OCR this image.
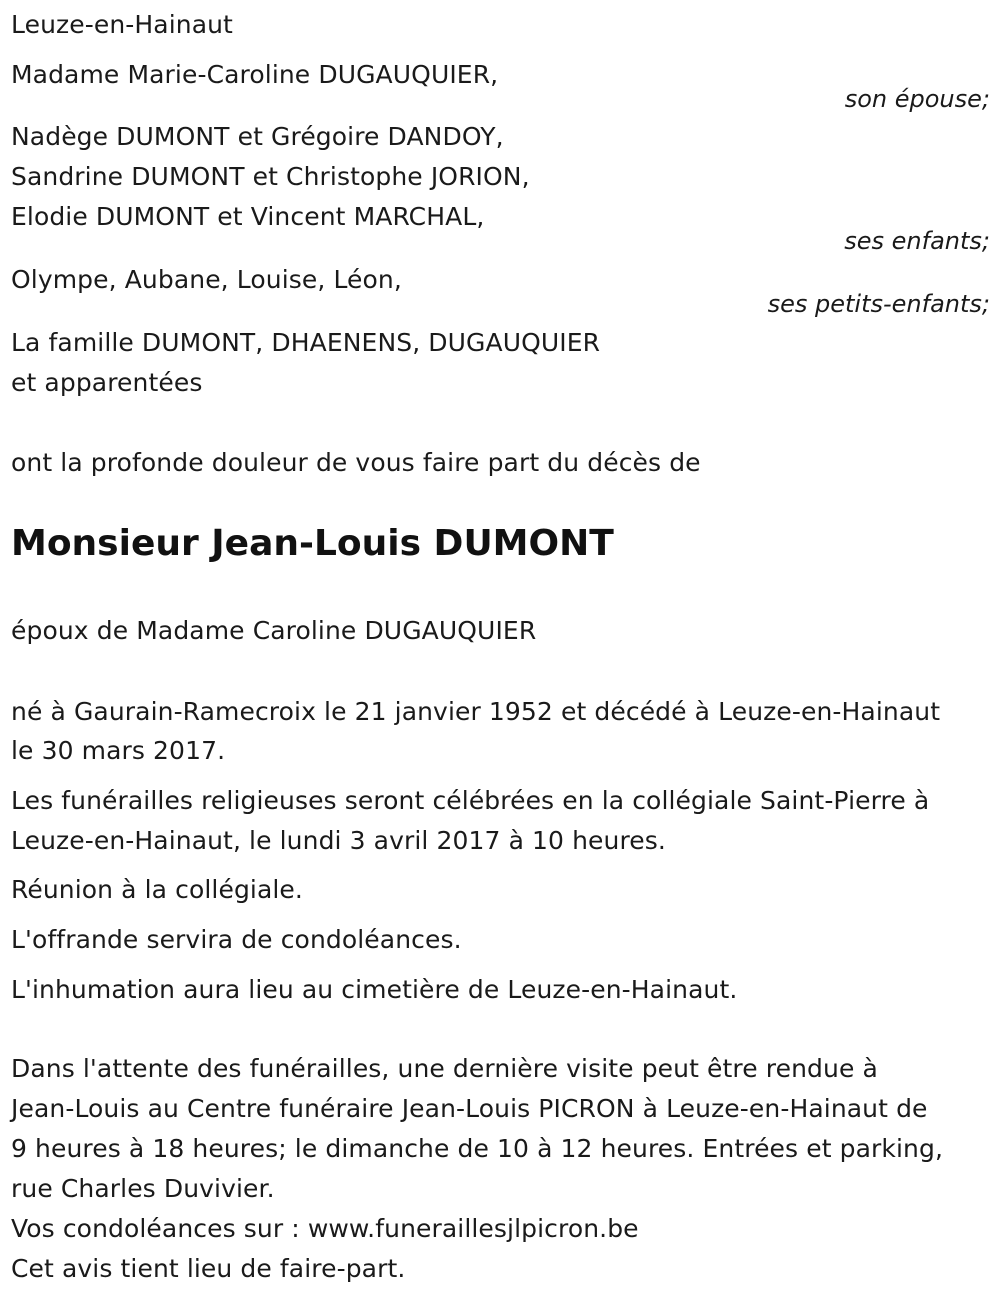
Leuze-en-Hainaut
Madame Marie-Caroline DUGAUQUIER,
son épouse;
Nadège DUMONT et Grégoire DANDOY,
Sandrine DUMONT et Christophe JORION,
Elodie DUMONT et Vincent MARCHAL,
ses enfants;
Olympe, Aubane, Louise, Léon,
ses petits-enfants;
La famille DUMONT, DHAENENS, DUGAUQUIER
et apparentées
ont la profonde douleur de vous faire part du décès de
Monsieur Jean-Louis DUMONT
époux de Madame Caroline DUGAUQUIER
né à Gaurain-Ramecroix le 21 janvier 1952 et décédé à Leuze-en-Hainaut
le 30 mars 2017.
Les funérailles religieuses seront célébrées en la collégiale Saint-Pierre à
Leuze-en-Hainaut, le lundi 3 avril 2017 à 10 heures.
Réunion à la collégiale.
L'offrande servira de condoléances.
L'inhumation aura lieu au cimetière de Leuze-en-Hainaut.
Dans l'attente des funérailles, une dernière visite peut être rendue à
Jean-Louis au Centre funéraire Jean-Louis PICRON à Leuze-en-Hainaut de
9 heures à 18 heures; le dimanche de 10 à 12 heures. Entrées et parking,
rue Charles Duvivier.
Vos condoléances sur : www.funeraillesjlpicron.be
Cet avis tient lieu de faire-part.
